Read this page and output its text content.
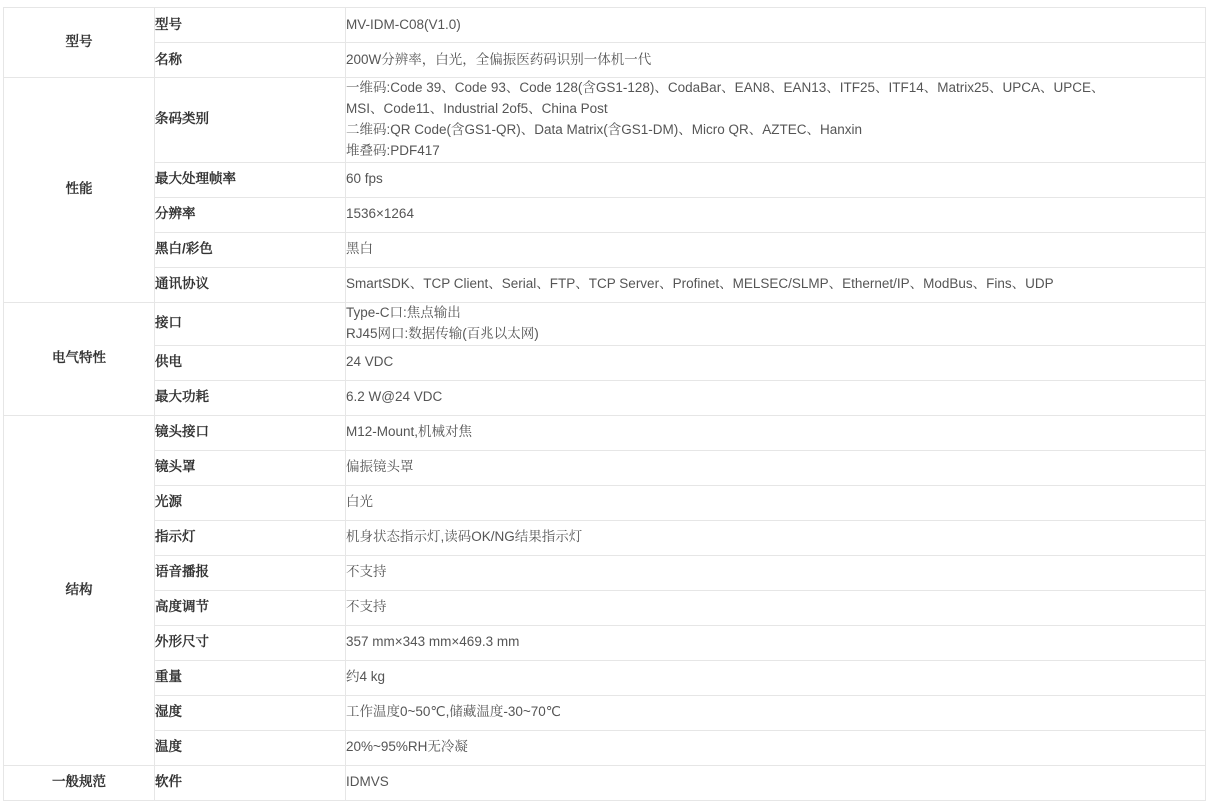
型号	型号	MV-IDM-C08(V1.0)

	名称	200W分辨率，白光，全偏振医药码识别一体机一代

性能	条码类别	一维码:Code 39、Code 93、Code 128(含GS1-128)、CodaBar、EAN8、EAN13、ITF25、ITF14、Matrix25、UPCA、UPCE、
MSI、Code11、Industrial 2of5、China Post
二维码:QR Code(含GS1-QR)、Data Matrix(含GS1-DM)、Micro QR、AZTEC、Hanxin
堆叠码:PDF417

	最大处理帧率	60 fps

	分辨率	1536×1264

	黑白/彩色	黑白

	通讯协议	SmartSDK、TCP Client、Serial、FTP、TCP Server、Profinet、MELSEC/SLMP、Ethernet/IP、ModBus、Fins、UDP

电气特性	接口	Type-C口:焦点输出
RJ45网口:数据传输(百兆以太网)

	供电	24 VDC

	最大功耗	6.2 W@24 VDC

结构	镜头接口	M12-Mount,机械对焦

	镜头罩	偏振镜头罩

	光源	白光

	指示灯	机身状态指示灯,读码OK/NG结果指示灯

	语音播报	不支持

	高度调节	不支持

	外形尺寸	357 mm×343 mm×469.3 mm

	重量	约4 kg

	湿度	工作温度0~50℃,储藏温度-30~70℃

	温度	20%~95%RH无冷凝

一般规范	软件	IDMVS
